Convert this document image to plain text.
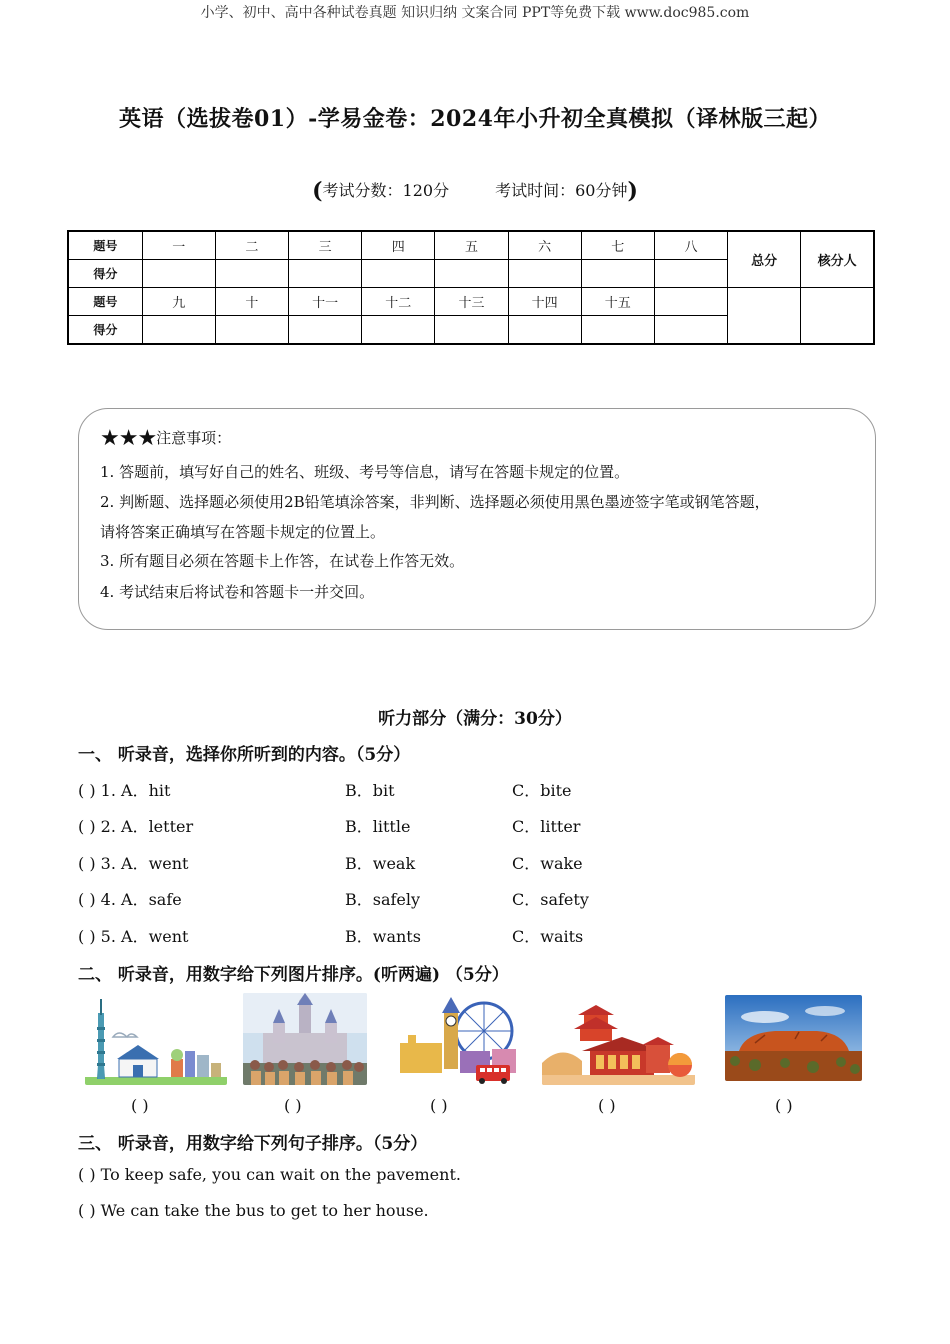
小学、初中、高中各种试卷真题 知识归纳 文案合同 PPT等免费下载 www.doc985.com
英语（选拔卷01）-学易金卷：2024年小升初全真模拟（译林版三起）
(考试分数：120分	考试时间：60分钟)
题号	一	二	三	四	五	六	七	八	总分	核分人
得分										
题号	九	十	十一	十二	十三	十四	十五			
得分										
★★★注意事项：
1. 答题前，填写好自己的姓名、班级、考号等信息，请写在答题卡规定的位置。
2. 判断题、选择题必须使用2B铅笔填涂答案，非判断、选择题必须使用黑色墨迹签字笔或钢笔答题，
请将答案正确填写在答题卡规定的位置上。
3. 所有题目必须在答题卡上作答，在试卷上作答无效。
4. 考试结束后将试卷和答题卡一并交回。
听力部分（满分：30分）
一、 听录音，选择你所听到的内容。（5分）
( ) 1. A．hit	B．bit	C．bite
( ) 2. A．letter	B．little	C．litter
( ) 3. A．went	B．weak	C．wake
( ) 4. A．safe	B．safely	C．safety
( ) 5. A．went	B．wants	C．waits
二、 听录音，用数字给下列图片排序。(听两遍) （5分）
( )	( )	( )	( )	( )
三、 听录音，用数字给下列句子排序。（5分）
( ) To keep safe, you can wait on the pavement.
( ) We can take the bus to get to her house.
